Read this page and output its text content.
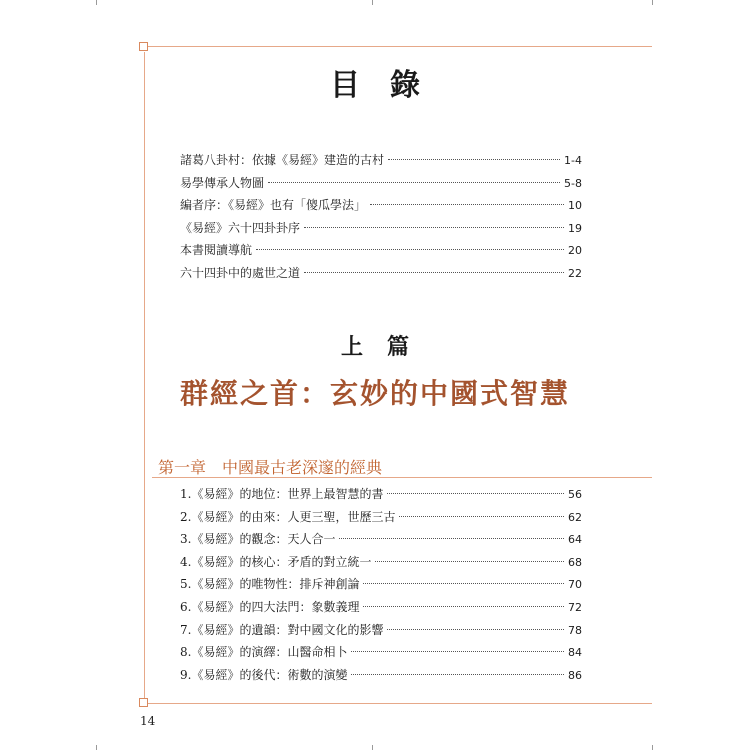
目錄
諸葛八卦村：依據《易經》建造的古村	1-4
易學傳承人物圖	5-8
編者序：《易經》也有「傻瓜學法」	10
《易經》六十四卦卦序	19
本書閱讀導航	20
六十四卦中的處世之道	22
上篇
群經之首：玄妙的中國式智慧
第一章 中國最古老深邃的經典
1.《易經》的地位：世界上最智慧的書	56
2.《易經》的由來：人更三聖，世歷三古	62
3.《易經》的觀念：天人合一	64
4.《易經》的核心：矛盾的對立統一	68
5.《易經》的唯物性：排斥神創論	70
6.《易經》的四大法門：象數義理	72
7.《易經》的遺韻：對中國文化的影響	78
8.《易經》的演繹：山醫命相卜	84
9.《易經》的後代：術數的演變	86
14
